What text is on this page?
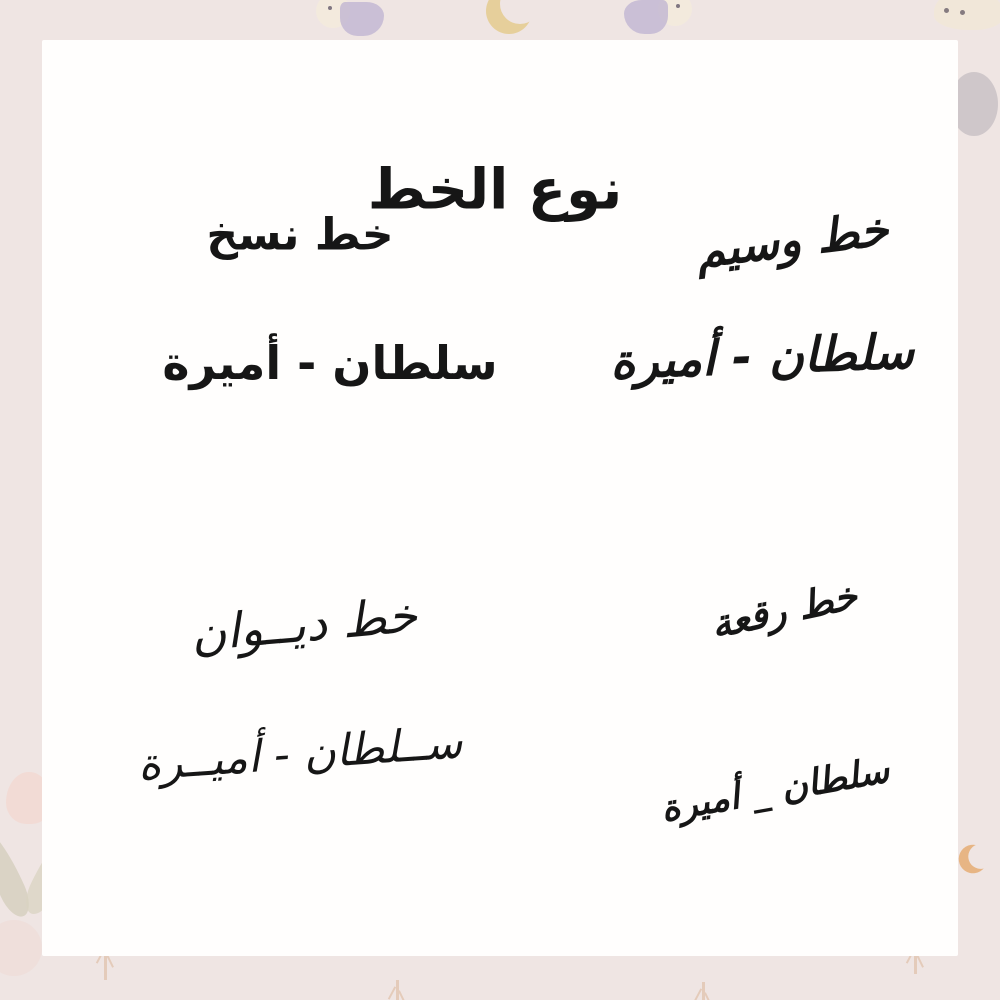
نوع الخط
خط نسخ
سلطان - أميرة
خط وسيم
سلطان - أميرة
خط ديــوان
ســلطان - أميــرة
خط رقعة
سلطان _ أميرة
